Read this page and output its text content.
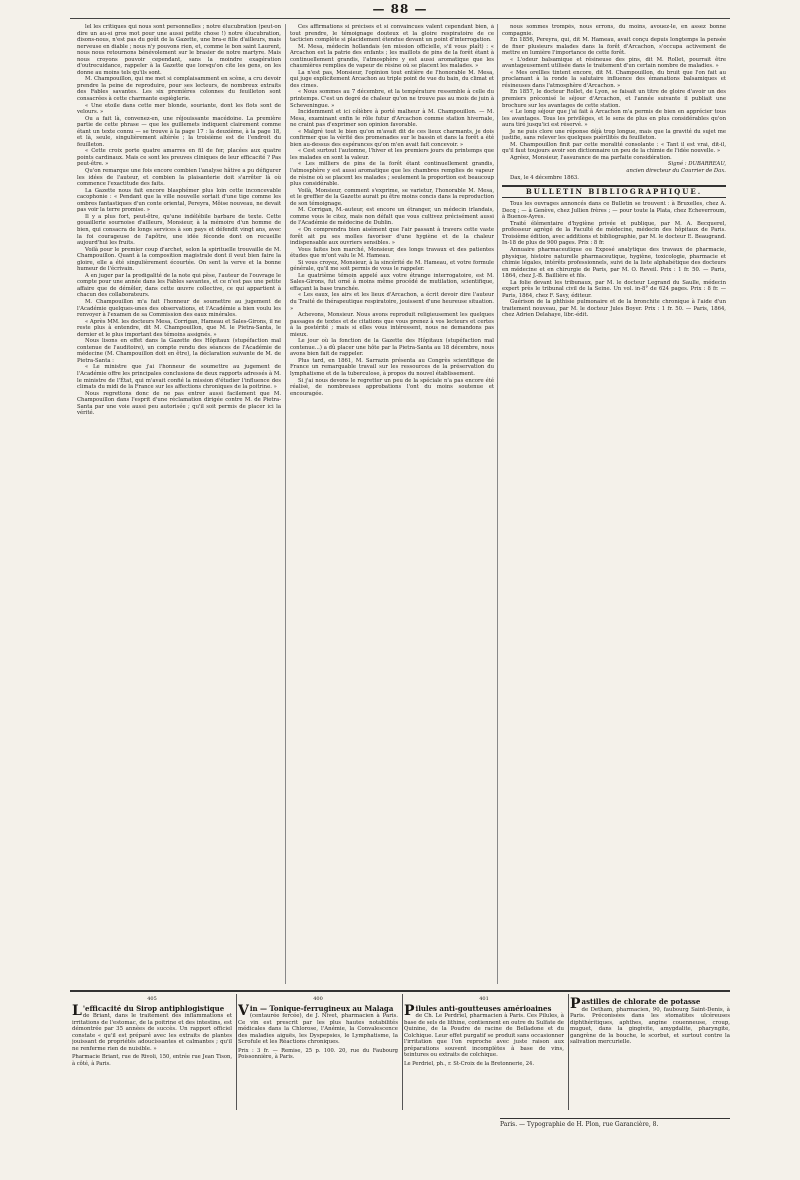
— 88 —

lel les critiques qui nous sont personnelles ; notre élucubration (peut-on dire un au-si gros mot pour une aussi petite chose !) notre élucubration, disons-nous, n'est pas du goût de la Gazette, une bra-e fille d'ailleurs, mais nerveuse en diable ; nous n'y pouvons rien, et, comme le bon saint Laurent, nous nous retournons bénévolement sur le brasier de notre martyre. Mais nous croyons pouvoir cependant, sans la moindre exagération d'outrecuidance, rappeler à la Gazette que lorsqu'on cite les gens, on les donne au moins tels qu'ils sont.

M. Champouillon, qui me met si complaisamment en scène, a cru devoir prendre la peine de reproduire, pour ses lecteurs, de nombreux extraits des Fables savantes. Les six premières colonnes du feuilleton sont consacrées à cette charmante espièglerie.

« Une etoile dans cette mer blonde, souriante, dont les flots sont de velours. »

Ou a fait là, convenez-en, une réjouissante macédoine. La première partie de cette phrase — que les guillemets indiquent clairement comme étant un texte connu — se trouve à la page 17 : la deuxième, à la page 18, et là, seule, singulièrement altérée ; la troisième est de l'endroit du feuilleton.

« Cette croix porte quatre amarres en fil de fer, placées aux quatre points cardinaux. Mais ce sont les preuves cliniques de leur efficacité ? Pas peut-être. »

Qu'on remarque une fois encore combien l'analyse hâtive a pu défigurer les idées de l'auteur, et combien la plaisanterie doit s'arrêter là où commence l'exactitude des faits.

La Gazette nous fait encore blasphémer plus loin cette inconcevable cacophonie : « Pendant que la ville nouvelle sortait d'une tige comme les ombres fantastiques d'un conte oriental, Pereyra, Môise nouveau, ne devait pas voir la terre promise. »

Il y a plus fort, peut-être, qu'une indélébile barbare de texte. Cette gouaillerie sournoise d'ailleurs, Monsieur, à la mémoire d'un homme de bien, qui consacra de longs services à son pays et défendit vingt ans, avec la foi courageuse de l'apôtre, une idée féconde dont on recueille aujourd'hui les fruits.

Voilà pour le premier coup d'archet, selon la spirituelle trouvaille de M. Champouillon. Quant à la composition magistrale dont il veut bien faire la gloire, elle a été singulièrement écourtée. On sent la verve et la bonne humeur de l'écrivain.

A en juger par la prodigalité de la note qui pèse, l'auteur de l'ouvrage le compte pour une année dans les Fables savantes, et ce n'est pas une petite affaire que de démêler, dans cette œuvre collective, ce qui appartient à chacun des collaborateurs.

M. Champouillon m'a fait l'honneur de soumettre au jugement de l'Académie quelques-unes des observations, et l'Académie a bien voulu les renvoyer à l'examen de sa Commission des eaux minérales.

« Après MM. les docteurs Mesa, Corrigan, Hameau et Sales-Girons, il ne reste plus à entendre, dit M. Champouillon, que M. le Pietra-Santa, le dernier et le plus important des témoins assignés. »

Nous lisons en effet dans la Gazette des Hôpitaux (stupéfaction mal contenue de l'auditoire), un compte rendu des séances de l'Académie de médecine (M. Champouillon doit en être), la déclaration suivante de M. de Pietra-Santa :

« Le ministre que j'ai l'honneur de soumettre au jugement de l'Académie offre les principales conclusions de deux rapports adressés à M. le ministre de l'État, qui m'avait confié la mission d'étudier l'influence des climats du midi de la France sur les affections chroniques de la poitrine. »

Nous regrettons donc de ne pas entrer aussi facilement que M. Champouillon dans l'esprit d'une réclamation dirigée contre M. de Pietra-Santa par une voie aussi peu autorisée ; qu'il soit permis de placer ici la vérité.

Ces affirmations si précises et si convaincues valent cependant bien, à tout prendre, le témoignage douteux et la gloire respiratoire de ce tacticien complète si placidement étendue devant un point d'interrogation.

M. Mesa, médecin hollandais (en mission officielle, s'il vous plaît) : « Arcachon est la patrie des enfants ; les maillots de pins de la forêt étant à continuellement grandis, l'atmosphère y est aussi aromatique que les chaumières remplies de vapeur de résine où se placent les malades. »

La n'est pas, Monsieur, l'opinion tout entière de l'honorable M. Mesa, qui juge explicitement Arcachon au triple point de vue du bain, du climat et des cimes.

« Nous sommes au 7 décembre, et la température ressemble à celle du printemps. C'est un degré de chaleur qu'on ne trouve pas au mois de juin à Scheveningue. »

Incidemment et ici célèbre à porté malheur à M. Champouillon. — M. Mesa, examinant enfin le rôle futur d'Arcachon comme station hivernale, ne craint pas d'exprimer son opinion favorable.

« Malgré tout le bien qu'on m'avait dit de ces lieux charmants, je dois confirmer que la vérité des promenades sur le bassin et dans la forêt a été bien au-dessus des espérances qu'on m'en avait fait concevoir. »

« Cest surtout l'automne, l'hiver et les premiers jours du printemps que les malades en sont la valeur.

« Les milliers de pins de la forêt étant continuellement grandis, l'atmosphère y est aussi aromatique que les chambres remplies de vapeur de résine où se placent les malades ; seulement la proportion est beaucoup plus considérable.

Voilà, Monsieur, comment s'exprime, se varietur, l'honorable M. Mesa, et le greffier de la Gazette aurait pu être moins concis dans la reproduction de son témoignage.

M. Corrigan, M.-auteur, est encore un étranger, un médecin irlandais, comme vous le citez, mais non défalt que vous cultivez précisément aussi de l'Académie de médecine de Dublin.

« On comprendra bien aisément que l'air passant à travers cette vaste forêt ait pu ses molles favoriser d'une hygiène et de la chaleur indispensable aux ouvriers sensibles. »

Vous faites bon marché, Monsieur, des longs travaux et des patientes études que m'ont valu le M. Hameau.

Si vous croyez, Monsieur, à la sincérité de M. Hameau, et votre formule générale, qu'il me soit permis de vous le rappeler.

Le quatrième témoin appelé aux votre étrange interrogatoire, est M. Sales-Girons, fut orné à moins même procédé de mutilation, scientifique, effaçant la base tranchée.

« Les eaux, les airs et les lieux d'Arcachon, a écrit devoir dire l'auteur du Traité de thérapeutique respiratoire, jouissent d'une heureuse situation. »

Achevons, Monsieur. Nous avons reproduit religieusement les quelques passages de textes et de citations que vous prenez à vos lecteurs et certes à la postérité ; mais si elles vous intéressent, nous ne demandons pas mieux.

Le jour où la fonction de la Gazette des Hôpitaux (stupéfaction mal contenue...) a dû placer une hôte par la Pietra-Santa au 18 décembre, nous avons bien fait de rappeler.

Plus tard, en 1861, M. Sarrazin présenta au Congrès scientifique de France un remarquable travail sur les ressources de la préservation du lymphatisme et de la tuberculose, à propos du nouvel établissement.

Si j'ai nous devons le regretter un peu de la spéciale n'a pas encore été réalisé, de nombreuses approbations l'ont du moins soutenue et encouragée.

nous sommes trompés, nous errons, du moins, avouez-le, en assez bonne compagnie.

En 1856, Pereyra, qui, dit M. Hameau, avait conçu depuis longtemps la pensée de fixer plusieurs malades dans la forêt d'Arcachon, s'occupa activement de mettre en lumière l'importance de cette forêt.

« L'odeur balsamique et résineuse des pins, dit M. Rollet, pourrait être avantageusement utilisée dans le traitement d'un certain nombre de maladies. »

« Mes orellles tintent encore, dit M. Champouillon, du bruit que l'on fait au proclamant à la ronde la salutaire influence des émanations balsamiques et résineuses dans l'atmosphère d'Arcachon. »

En 1857, le docteur Rollet, de Lyon, se faisait un titre de gloire d'avoir un des premiers préconisé le séjour d'Arcachon, et l'année suivante il publiait une brochure sur les avantages de cette station.

« Le long séjour que j'ai fait à Arcachon m'a permis de bien en apprécier tous les avantages. Tous les privilèges, et le sens de plus en plus considérables qu'on aura tiré jusqu'ici est réservé. »

Je ne puis clore une réponse déjà trop longue, mais que la gravité du sujet me justifie, sans relever les quelques puérilités du feuilleton.

M. Champouillon finit par cette moralité consolante : « Tant il est vrai, dit-il, qu'il faut toujours avoir son dictionnaire un peu de la chimie de l'idée nouvelle. »

Agréez, Monsieur, l'assurance de ma parfaite considération.

Signé : DUBARREAU,

ancien directeur du Courrier de Dax.

Dax, le 4 décembre 1863.

BULLETIN BIBLIOGRAPHIQUE.

Tous les ouvrages annoncés dans ce Bulletin se trouvent : à Bruxelles, chez A. Decq ; — à Genève, chez Jullien frères ; — pour toute la Plata, chez Echeverroum, à Buenos-Ayres.

Traité élémentaire d'hygiène privée et publique, par M. A. Becquerel, professeur agrégé de la Faculté de médecine, médecin des hôpitaux de Paris. Troisième édition, avec additions et bibliographie, par M. le docteur E. Beaugrand. In-18 de plus de 900 pages. Prix : 8 fr.

Annuaire pharmaceutique ou Exposé analytique des travaux de pharmacie, physique, histoire naturelle pharmaceutique, hygiène, toxicologie, pharmacie et chimie légales, intérêts professionnels, suivi de la liste alphabétique des docteurs en médecine et en chirurgie de Paris, par M. O. Reveil. Prix : 1 fr. 50. — Paris, 1864, chez J.-B. Baillière et fils.

La folie devant les tribunaux, par M. le docteur Legrand du Saulle, médecin expert près le tribunal civil de la Seine. Un vol. in-8° de 624 pages. Prix : 8 fr. — Paris, 1864, chez F. Savy, éditeur.

Guérison de la phthisie pulmonaire et de la bronchite chronique à l'aide d'un traitement nouveau, par M. le docteur Jules Boyer. Prix : 1 fr. 50. — Paris, 1864, chez Adrien Delahaye, libr.-édit.

405
L 'efficacité du Sirop antiphlogistique
de Briant, dans le traitement des inflammations et irritations de l'estomac, de la poitrine et des intestins, est démontrée par 35 années de succès. Un rapport officiel constate « qu'il est préparé avec les extraits de plantes jouissant de propriétés adoucissantes et calmantes ; qu'il ne renferme rien de nuisible. »
Pharmacie Briant, rue de Rivoli, 150, entrée rue Jean Tison, à côté, à Paris.
400
V in — Tonique-ferrugineux au Malaga
(centaurée fercée), de J. Nivet, pharmacien à Paris. Ce vin est prescrit par les plus hautes notabilités médicales dans la Chlorose, l'Anémie, la Convalescence des maladies aiguës, les Dyspepsies, le Lymphatisme, la Scrofule et les Réactions chroniques.
Prix : 3 fr. — Remise, 25 p. 100. 20, rue du Faubourg Poissonnière, à Paris.
401
P ilules anti-goutteuses amérioaines
de Ch. Le Perdriel, pharmacien à Paris. Ces Pilules, à base de sels de lithine, contiennent en outre du Sulfate de Quinine, de la Poudre de racine de Belladone et du Colchique. Leur effet purgatif se produit sans occasionner l'irritation que l'on reproche avec juste raison aux préparations souvent incomplètes à base de vins, teintures ou extraits de colchique.
Le Perdriel, ph., r. St-Croix de la Bretonnerie, 24.
Pastilles de chlorate de potasse
de Detham, pharmacien, 90, faubourg Saint-Denis, à Paris. Préconisées dans les stomatites ulcéreuses diphthéritiques, aphthes, angine couenneuse, croup, muguet, dans la gingivite, amygdalite, pharyngite, gangrène de la bouche, le scorbut, et surtout contre la salivation mercurielle.
Paris. — Typographie de H. Plon, rue Garancière, 8.
